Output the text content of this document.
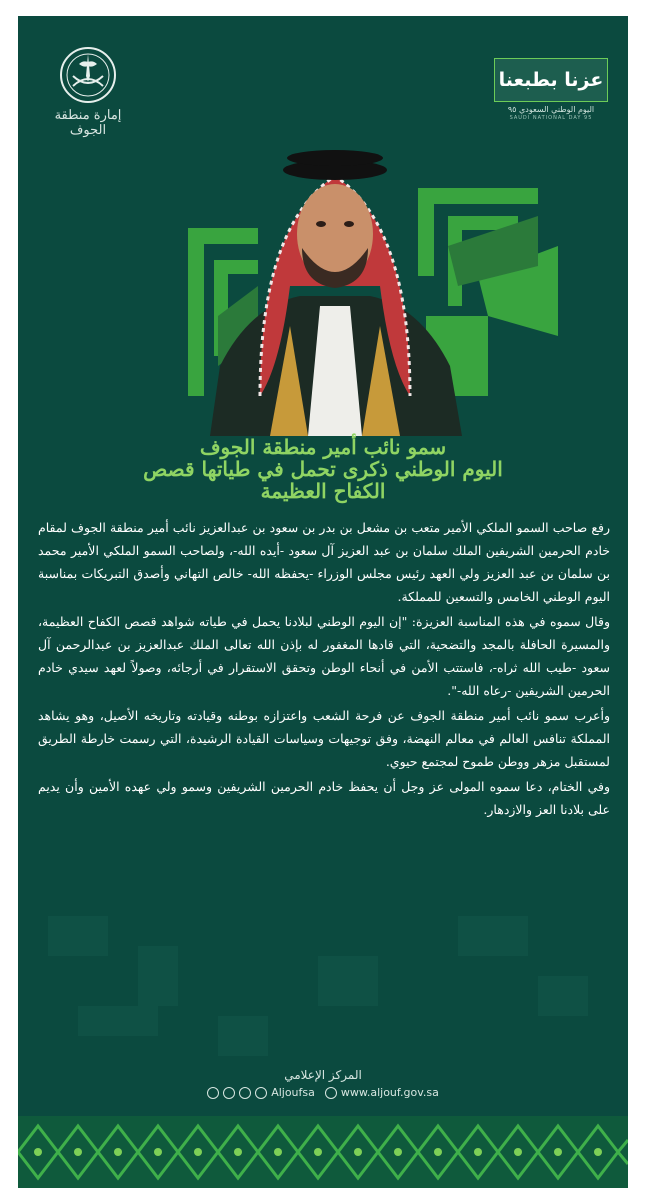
إمارة منطقة الجوف
عزنا بطبعنا
اليوم الوطني السعودي ٩٥
SAUDI NATIONAL DAY 95
سمو نائب أمير منطقة الجوف
اليوم الوطني ذكرى تحمل في طياتها قصص
الكفاح العظيمة

رفع صاحب السمو الملكي الأمير متعب بن مشعل بن بدر بن سعود بن عبدالعزيز نائب أمير منطقة الجوف لمقام خادم الحرمين الشريفين الملك سلمان بن عبد العزيز آل سعود -أيده الله-، ولصاحب السمو الملكي الأمير محمد بن سلمان بن عبد العزيز ولي العهد رئيس مجلس الوزراء -يحفظه الله- خالص التهاني وأصدق التبريكات بمناسبة اليوم الوطني الخامس والتسعين للمملكة.

وقال سموه في هذه المناسبة العزيزة: "إن اليوم الوطني لبلادنا يحمل في طياته شواهد قصص الكفاح العظيمة، والمسيرة الحافلة بالمجد والتضحية، التي قادها المغفور له بإذن الله تعالى الملك عبدالعزيز بن عبدالرحمن آل سعود -طيب الله ثراه-، فاستتب الأمن في أنحاء الوطن وتحقق الاستقرار في أرجائه، وصولاً لعهد سيدي خادم الحرمين الشريفين -رعاه الله-".

وأعرب سمو نائب أمير منطقة الجوف عن فرحة الشعب واعتزازه بوطنه وقيادته وتاريخه الأصيل، وهو يشاهد المملكة تنافس العالم في معالم النهضة، وفق توجيهات وسياسات القيادة الرشيدة، التي رسمت خارطة الطريق لمستقبل مزهر ووطن طموح لمجتمع حيوي.

وفي الختام، دعا سموه المولى عز وجل أن يحفظ خادم الحرمين الشريفين وسمو ولي عهده الأمين وأن يديم على بلادنا العز والازدهار.

المركز الإعلامي
Aljoufsa www.aljouf.gov.sa
